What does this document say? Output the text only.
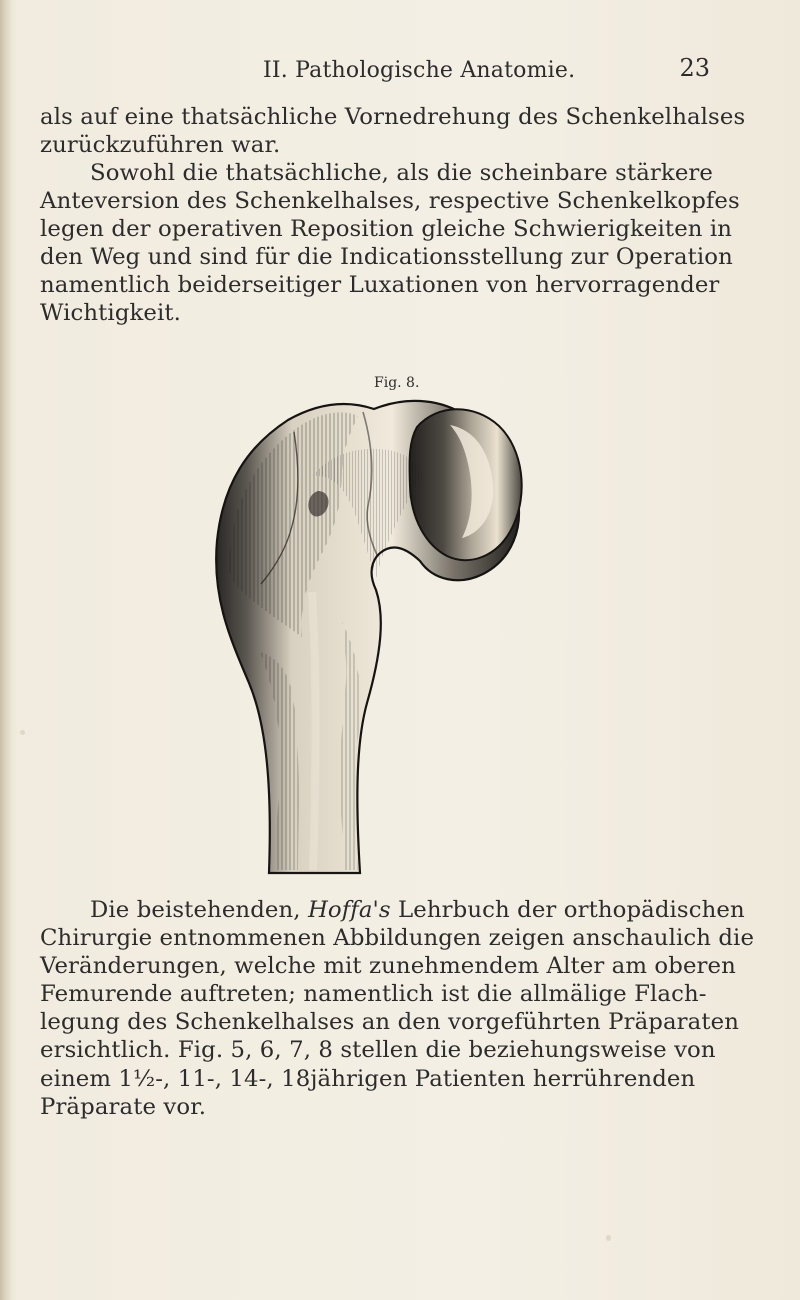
II. Pathologische Anatomie.	23
als auf eine thatsächliche Vornedrehung des Schenkelhalses
zurückzuführen war.
Sowohl die thatsächliche, als die scheinbare stärkere
Anteversion des Schenkelhalses, respective Schenkelkopfes
legen der operativen Reposition gleiche Schwierigkeiten in
den Weg und sind für die Indicationsstellung zur Operation
namentlich beiderseitiger Luxationen von hervorragender
Wichtigkeit.
Fig. 8.
Die beistehenden, Hoffa's Lehrbuch der orthopädischen
Chirurgie entnommenen Abbildungen zeigen anschaulich die
Veränderungen, welche mit zunehmendem Alter am oberen
Femurende auftreten; namentlich ist die allmälige Flach-
legung des Schenkelhalses an den vorgeführten Präparaten
ersichtlich. Fig. 5, 6, 7, 8 stellen die beziehungsweise von
einem 1½-, 11-, 14-, 18jährigen Patienten herrührenden
Präparate vor.
